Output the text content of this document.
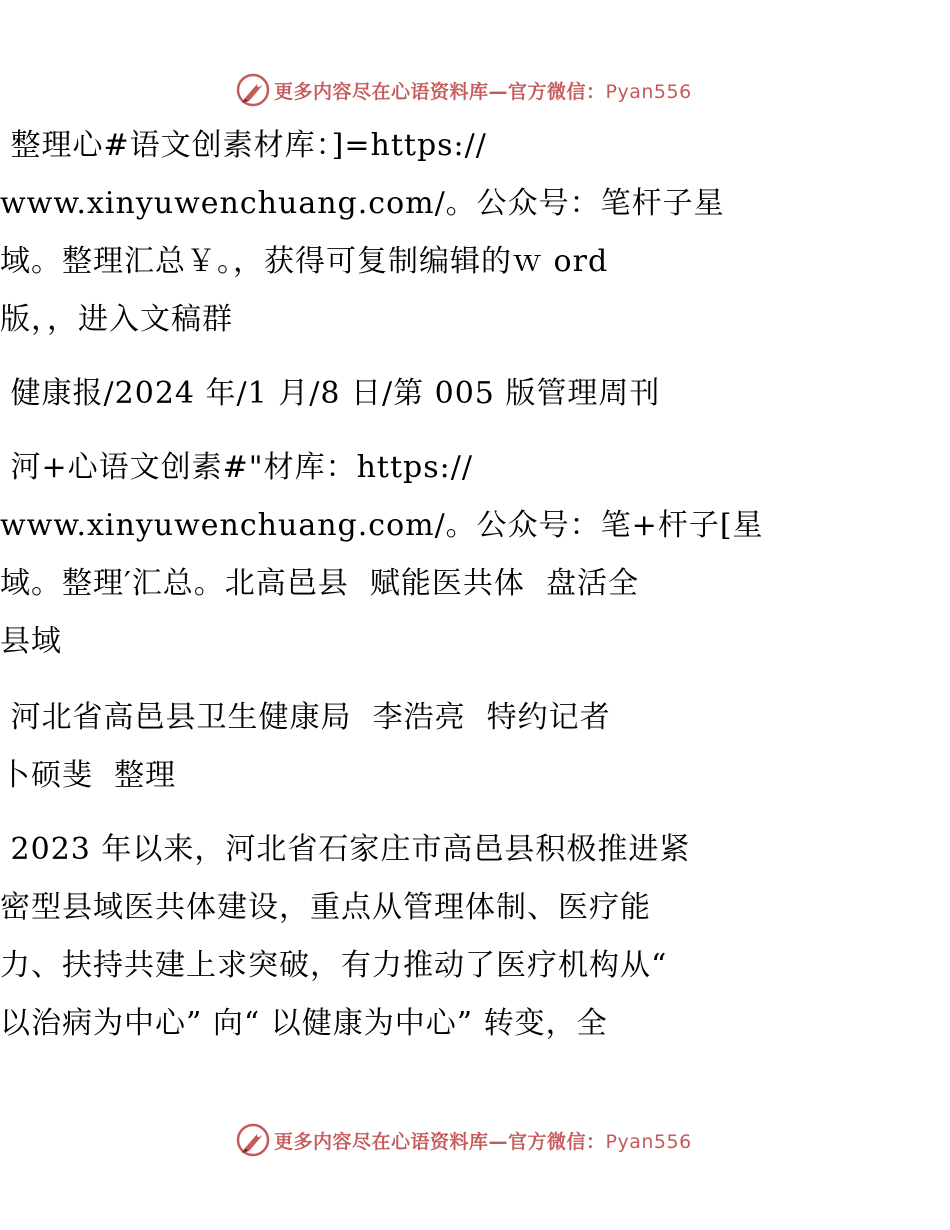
更多内容尽在心语资料库—官方微信：Pyan556
整理心#语文创素材库：]=https://
www.xinyuwenchuang.com/。公众号：笔杆子星
域。整理汇总￥。，获得可复制编辑的ｗ ord
版，，进入文稿群
健康报/2024 年/1 月/8 日/第 005 版管理周刊
河+心语文创素#"材库：https://
www.xinyuwenchuang.com/。公众号：笔+杆子[星
域。整理′汇总。北高邑县  赋能医共体  盘活全
县域
河北省高邑县卫生健康局  李浩亮  特约记者
卜硕斐  整理
2023 年以来，河北省石家庄市高邑县积极推进紧
密型县域医共体建设，重点从管理体制、医疗能
力、扶持共建上求突破，有力推动了医疗机构从“
以治病为中心” 向“ 以健康为中心” 转变，全
更多内容尽在心语资料库—官方微信：Pyan556
